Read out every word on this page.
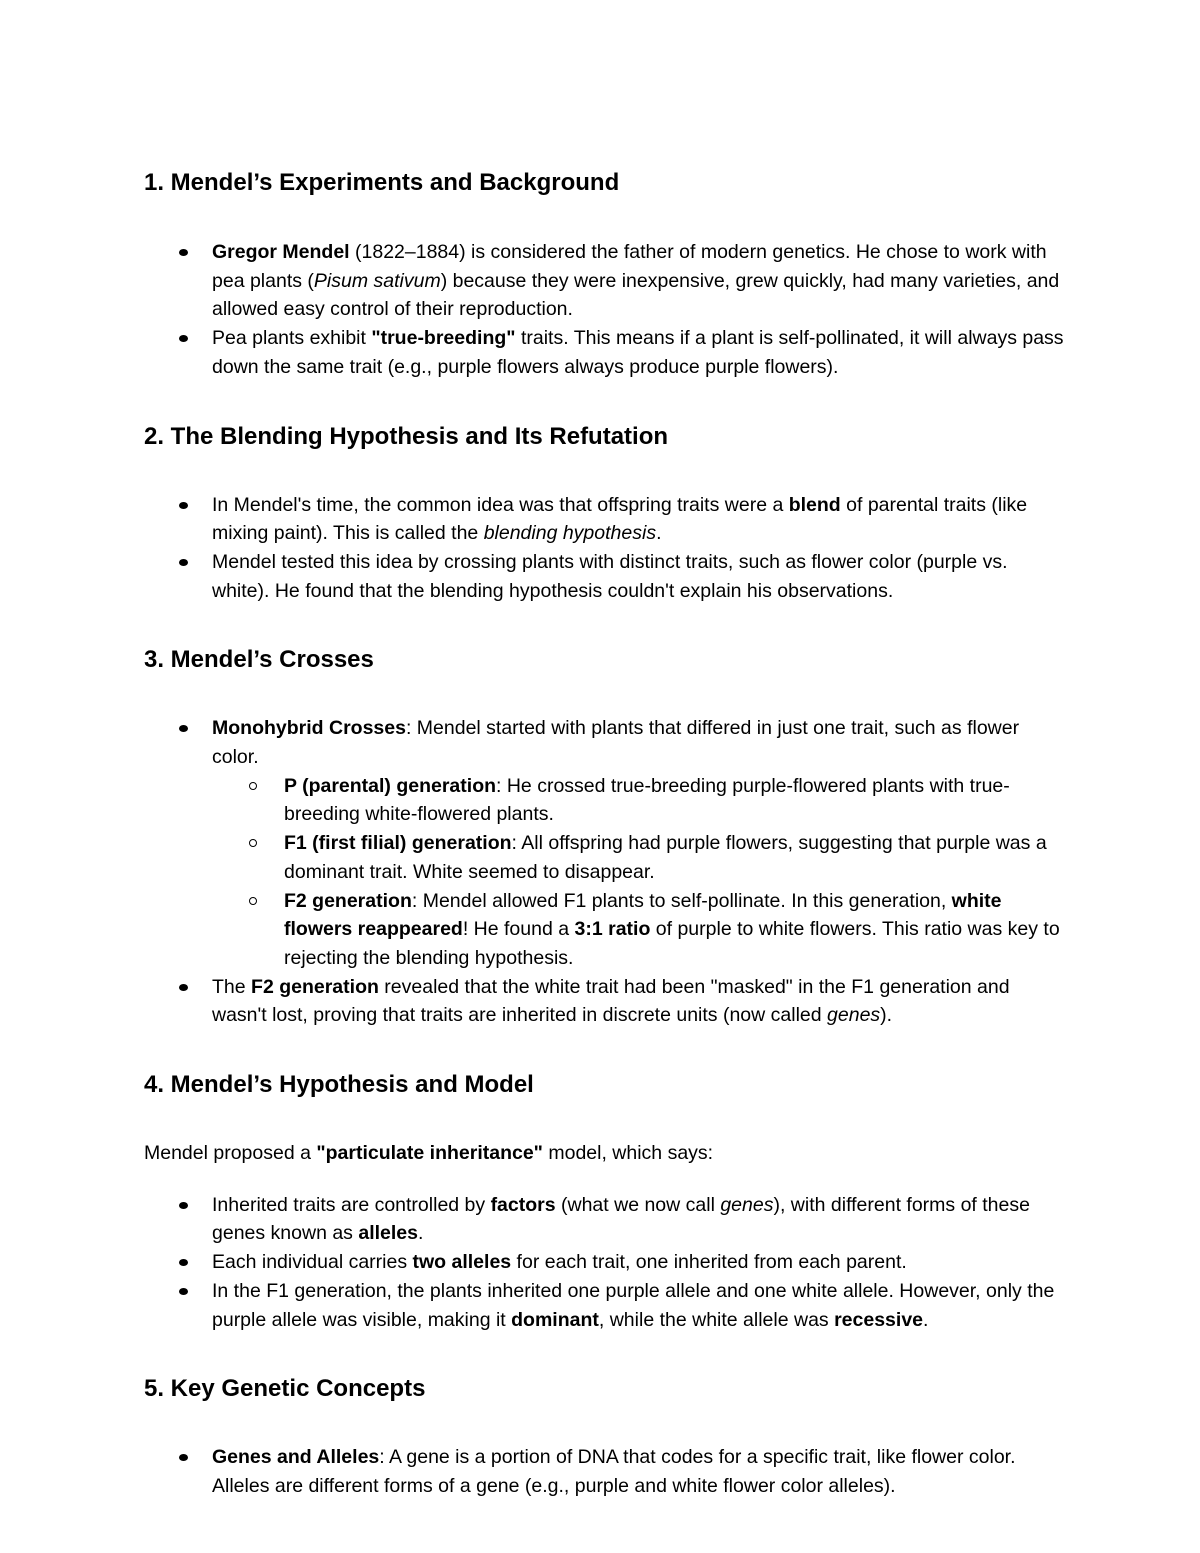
1. Mendel’s Experiments and Background
Gregor Mendel (1822–1884) is considered the father of modern genetics. He chose to work with pea plants (Pisum sativum) because they were inexpensive, grew quickly, had many varieties, and allowed easy control of their reproduction.
Pea plants exhibit "true-breeding" traits. This means if a plant is self-pollinated, it will always pass down the same trait (e.g., purple flowers always produce purple flowers).
2. The Blending Hypothesis and Its Refutation
In Mendel's time, the common idea was that offspring traits were a blend of parental traits (like mixing paint). This is called the blending hypothesis.
Mendel tested this idea by crossing plants with distinct traits, such as flower color (purple vs. white). He found that the blending hypothesis couldn't explain his observations.
3. Mendel’s Crosses
Monohybrid Crosses: Mendel started with plants that differed in just one trait, such as flower color.
P (parental) generation: He crossed true-breeding purple-flowered plants with true-breeding white-flowered plants.
F1 (first filial) generation: All offspring had purple flowers, suggesting that purple was a dominant trait. White seemed to disappear.
F2 generation: Mendel allowed F1 plants to self-pollinate. In this generation, white flowers reappeared! He found a 3:1 ratio of purple to white flowers. This ratio was key to rejecting the blending hypothesis.
The F2 generation revealed that the white trait had been "masked" in the F1 generation and wasn't lost, proving that traits are inherited in discrete units (now called genes).
4. Mendel’s Hypothesis and Model

Mendel proposed a "particulate inheritance" model, which says:

Inherited traits are controlled by factors (what we now call genes), with different forms of these genes known as alleles.
Each individual carries two alleles for each trait, one inherited from each parent.
In the F1 generation, the plants inherited one purple allele and one white allele. However, only the purple allele was visible, making it dominant, while the white allele was recessive.
5. Key Genetic Concepts
Genes and Alleles: A gene is a portion of DNA that codes for a specific trait, like flower color. Alleles are different forms of a gene (e.g., purple and white flower color alleles).
